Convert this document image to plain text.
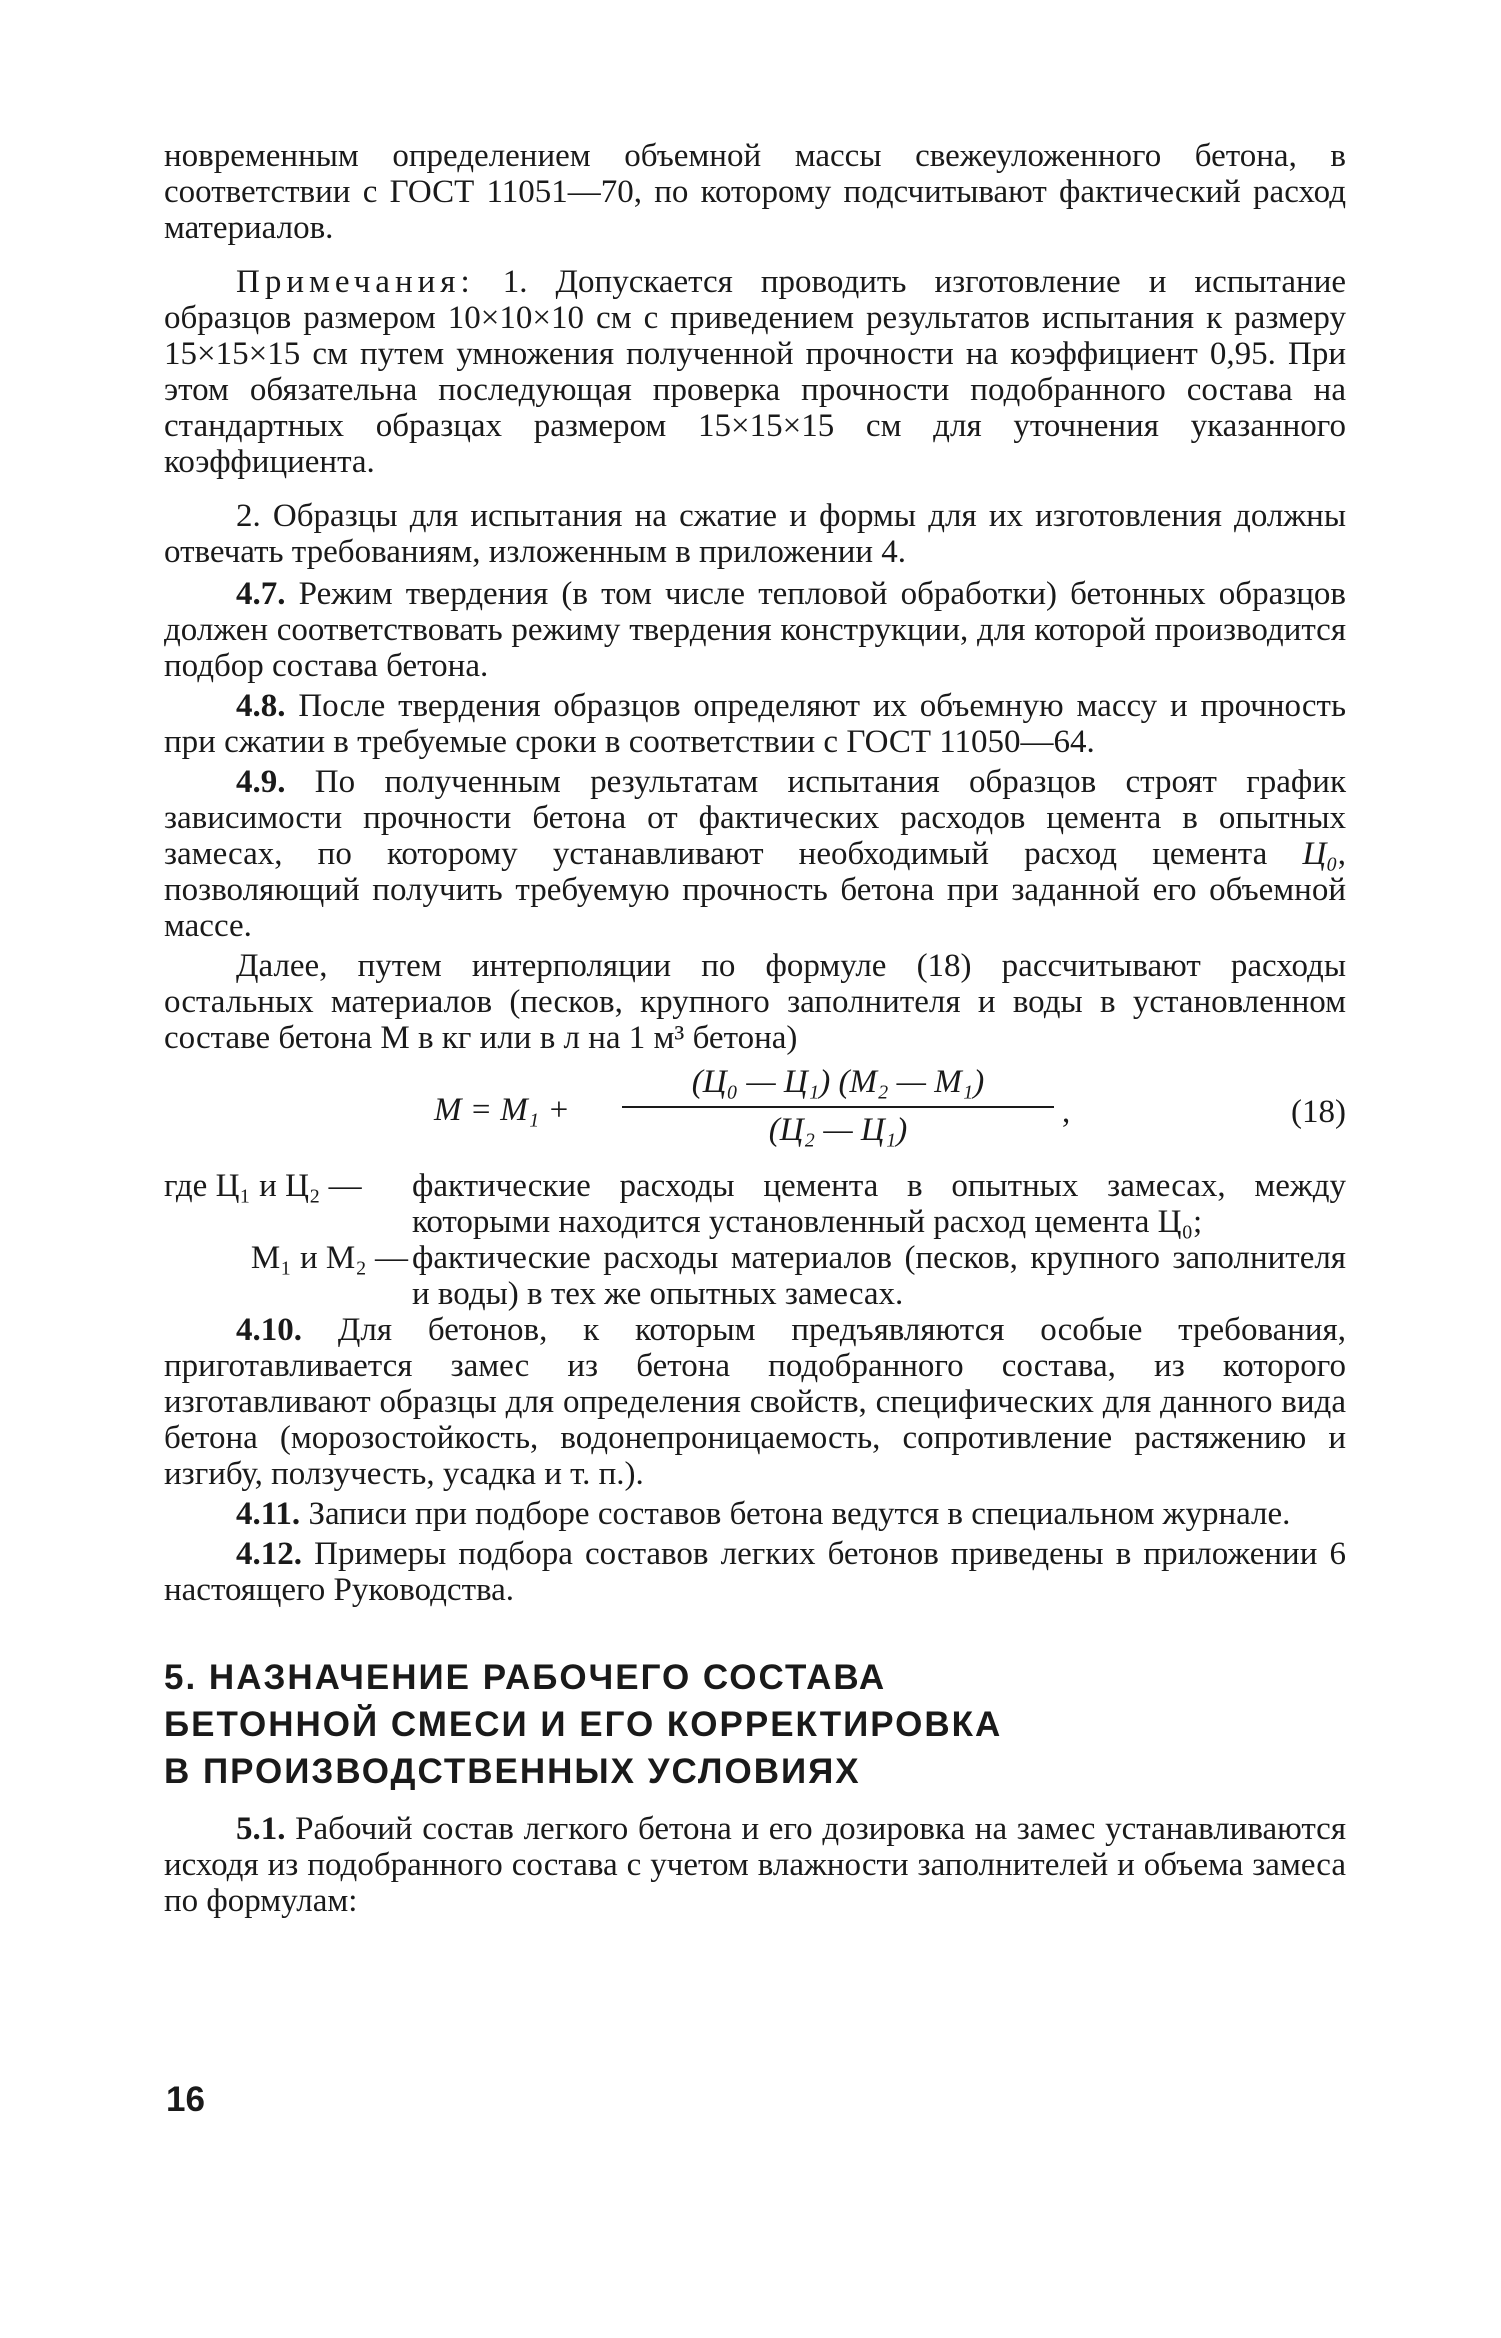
новременным определением объемной массы свежеуложенного бетона, в соответствии с ГОСТ 11051—70, по которому подсчитывают фактический расход материалов.

Примечания: 1. Допускается проводить изготовление и испытание образцов размером 10×10×10 см с приведением результатов испытания к размеру 15×15×15 см путем умножения полученной прочности на коэффициент 0,95. При этом обязательна последующая проверка прочности подобранного состава на стандартных образцах размером 15×15×15 см для уточнения указанного коэффициента.

2. Образцы для испытания на сжатие и формы для их изготовления должны отвечать требованиям, изложенным в приложении 4.

4.7. Режим твердения (в том числе тепловой обработки) бетонных образцов должен соответствовать режиму твердения конструкции, для которой производится подбор состава бетона.

4.8. После твердения образцов определяют их объемную массу и прочность при сжатии в требуемые сроки в соответствии с ГОСТ 11050—64.

4.9. По полученным результатам испытания образцов строят график зависимости прочности бетона от фактических расходов цемента в опытных замесах, по которому устанавливают необходимый расход цемента Ц₀, позволяющий получить требуемую прочность бетона при заданной его объемной массе.

Далее, путем интерполяции по формуле (18) рассчитывают расходы остальных материалов (песков, крупного заполнителя и воды в установленном составе бетона М в кг или в л на 1 м³ бетона)

М = М₁ +
(Ц₀ — Ц₁) (М₂ — М₁)
(Ц₂ — Ц₁)	,	(18)
где Ц₁ и Ц₂ —	фактические расходы цемента в опытных замесах, между которыми находится установленный расход цемента Ц₀;
М₁ и М₂ — фактические расходы материалов (песков, крупного заполнителя и воды) в тех же опытных замесах.

4.10. Для бетонов, к которым предъявляются особые требования, приготавливается замес из бетона подобранного состава, из которого изготавливают образцы для определения свойств, специфических для данного вида бетона (морозостойкость, водонепроницаемость, сопротивление растяжению и изгибу, ползучесть, усадка и т. п.).

4.11. Записи при подборе составов бетона ведутся в специальном журнале.

4.12. Примеры подбора составов легких бетонов приведены в приложении 6 настоящего Руководства.

5. НАЗНАЧЕНИЕ РАБОЧЕГО СОСТАВА
БЕТОННОЙ СМЕСИ И ЕГО КОРРЕКТИРОВКА
В ПРОИЗВОДСТВЕННЫХ УСЛОВИЯХ

5.1. Рабочий состав легкого бетона и его дозировка на замес устанавливаются исходя из подобранного состава с учетом влажности заполнителей и объема замеса по формулам:

16
